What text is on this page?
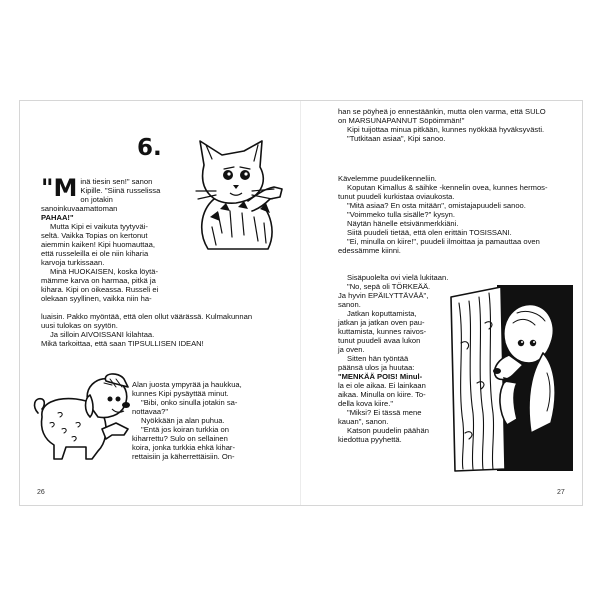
6.

"Minä tiesin sen!" sanon
Kipille. "Siinä russelissa
on jotakin sanoinkuvaamattoman
PAHAA!"

Mutta Kipi ei vaikuta tyytyväi-
seltä. Vaikka Topias on kertonut
aiemmin kaiken! Kipi huomauttaa,
että russeleilla ei ole niin kiharia
karvoja turkissaan.

Minä HUOKAISEN, koska löytä-
mämme karva on harmaa, pitkä ja
kihara. Kipi on oikeassa. Russeli ei
olekaan syyllinen, vaikka niin ha-

luaisin. Pakko myöntää, että olen ollut väärässä. Kulmakunnan
uusi tulokas on syytön.

Ja silloin AIVOISSANI kilahtaa.
Mikä tarkoittaa, että saan TIPSULLISEN IDEAN!

Alan juosta ympyrää ja haukkua,
kunnes Kipi pysäyttää minut.

"Bibi, onko sinulla jotakin sa-
nottavaa?"

Nyökkään ja alan puhua.

"Entä jos koiran turkkia on
kiharrettu? Sulo on sellainen
koira, jonka turkkia ehkä kihar-
rettaisiin ja käherrettäisiin. On-

26

han se pöyheä jo ennestäänkin, mutta olen varma, että SULO
on MARSUNAPANNUT Söpöimmän!"

Kipi tuijottaa minua pitkään, kunnes nyökkää hyväksyvästi.

"Tutkitaan asiaa", Kipi sanoo.

Kävelemme puudelikenneliin.

Koputan Kimallus & säihke -kennelin ovea, kunnes hermos-
tunut puudeli kurkistaa oviaukosta.

"Mitä asiaa? En osta mitään", omistajapuudeli sanoo.

"Voimmeko tulla sisälle?" kysyn.

Näytän hänelle etsivänmerkkiäni.

Siitä puudeli tietää, että olen erittäin TOSISSANI.

"Ei, minulla on kiire!", puudeli ilmoittaa ja pamauttaa oven
edessämme kiinni.

Sisäpuolelta ovi vielä lukitaan.

"No, sepä oli TÖRKEÄÄ.
Ja hyvin EPÄILYTTÄVÄÄ",
sanon.

Jatkan koputtamista,
jatkan ja jatkan oven pau-
kuttamista, kunnes raivos-
tunut puudeli avaa lukon
ja oven.

Sitten hän työntää
päänsä ulos ja huutaa:
"MENKÄÄ POIS! Minul-
la ei ole aikaa. Ei lainkaan
aikaa. Minulla on kiire. To-
della kova kiire."

"Miksi? Ei tässä mene
kauan", sanon.

Katson puudelin päähän
kiedottua pyyhettä.

27
